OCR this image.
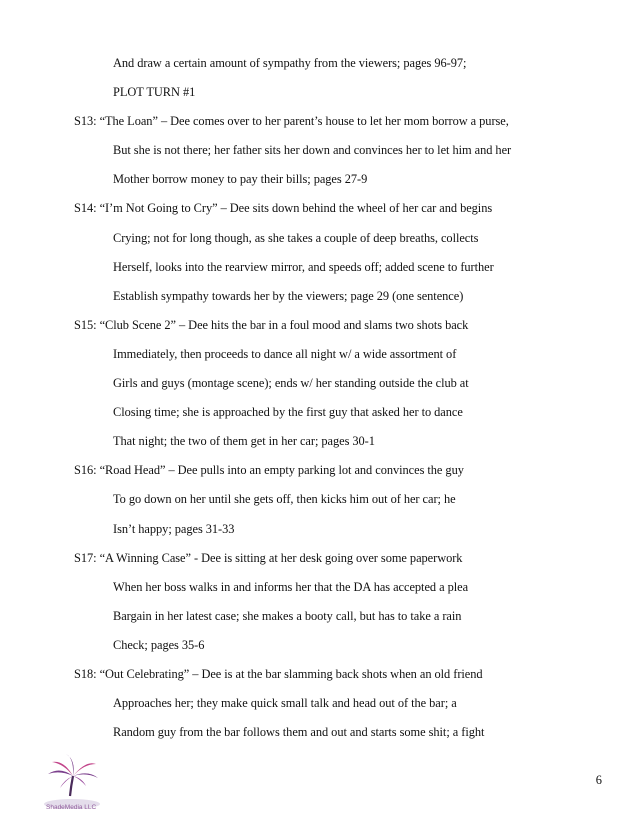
And draw a certain amount of sympathy from the viewers; pages 96-97;
PLOT TURN #1
S13: “The Loan” – Dee comes over to her parent’s house to let her mom borrow a purse,
But she is not there; her father sits her down and convinces her to let him and her
Mother borrow money to pay their bills; pages 27-9
S14: “I’m Not Going to Cry” – Dee sits down behind the wheel of her car and begins
Crying; not for long though, as she takes a couple of deep breaths, collects
Herself, looks into the rearview mirror, and speeds off; added scene to further
Establish sympathy towards her by the viewers; page 29 (one sentence)
S15: “Club Scene 2” – Dee hits the bar in a foul mood and slams two shots back
Immediately, then proceeds to dance all night w/ a wide assortment of
Girls and guys (montage scene); ends w/ her standing outside the club at
Closing time; she is approached by the first guy that asked her to dance
That night; the two of them get in her car; pages 30-1
S16: “Road Head” – Dee pulls into an empty parking lot and convinces the guy
To go down on her until she gets off, then kicks him out of her car; he
Isn’t happy; pages 31-33
S17: “A Winning Case” - Dee is sitting at her desk going over some paperwork
When her boss walks in and informs her that the DA has accepted a plea
Bargain in her latest case; she makes a booty call, but has to take a rain
Check; pages 35-6
S18: “Out Celebrating” – Dee is at the bar slamming back shots when an old friend
Approaches her; they make quick small talk and head out of the bar; a
Random guy from the bar follows them and out and starts some shit; a fight
ShadeMedia LLC
6
